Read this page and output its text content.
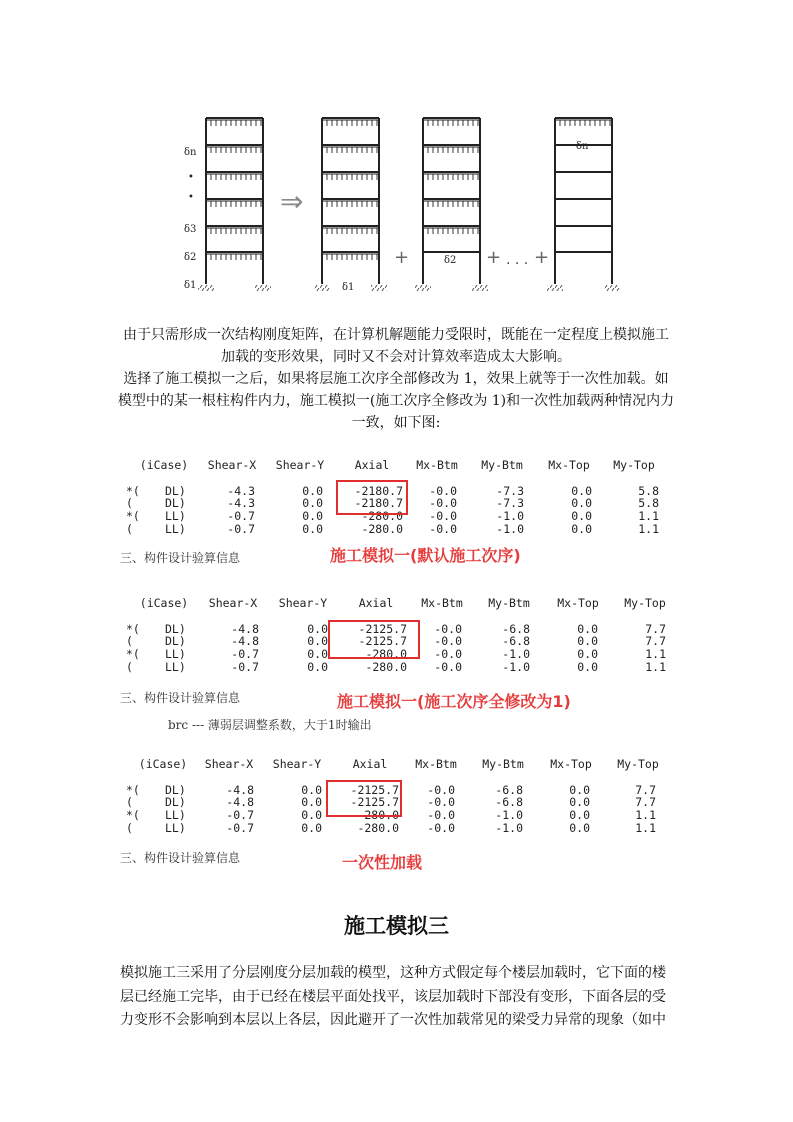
δn
•
•
δ3
δ2
δ1
⇒
δ1
+	δ2 + · · · +
δn
由于只需形成一次结构刚度矩阵，在计算机解题能力受限时，既能在一定程度上模拟施工
加载的变形效果，同时又不会对计算效率造成太大影响。
选择了施工模拟一之后，如果将层施工次序全部修改为 1，效果上就等于一次性加载。如
模型中的某一根柱构件内力，施工模拟一(施工次序全修改为 1)和一次性加载两种情况内力
一致，如下图:
(iCase) Shear-X Shear-Y	Axial Mx-Btm My-Btm Mx-Top My-Top
*( DL)	-4.3	0.0	-2180.7 -0.0	-7.3	0.0	5.8
(	DL)	-4.3	0.0	-2180.7 -0.0	-7.3	0.0	5.8
*( LL)	-0.7	0.0	-280.0 -0.0	-1.0	0.0	1.1
(	LL)	-0.7	0.0	-280.0 -0.0	-1.0	0.0	1.1
三、构件设计验算信息	施工模拟一(默认施工次序)
(iCase) Shear-X Shear-Y	Axial Mx-Btm My-Btm Mx-Top My-Top
*( DL)	-4.8	0.0	-2125.7 -0.0	-6.8	0.0	7.7
(	DL)	-4.8	0.0	-2125.7 -0.0	-6.8	0.0	7.7
*( LL)	-0.7	0.0	-280.0 -0.0	-1.0	0.0	1.1
(	LL)	-0.7	0.0	-280.0 -0.0	-1.0	0.0	1.1
三、构件设计验算信息	施工模拟一(施工次序全修改为1)
brc --- 薄弱层调整系数，大于1时输出
(iCase) Shear-X Shear-Y	Axial Mx-Btm My-Btm Mx-Top My-Top
*( DL)	-4.8	0.0 -2125.7 -0.0	-6.8	0.0	7.7
(	DL)	-4.8	0.0 -2125.7 -0.0	-6.8	0.0	7.7
*( LL)	-0.7	0.0	-280.0 -0.0	-1.0	0.0	1.1
(	LL)	-0.7	0.0	-280.0 -0.0	-1.0	0.0	1.1
三、构件设计验算信息	一次性加载
施工模拟三
模拟施工三采用了分层刚度分层加载的模型，这种方式假定每个楼层加载时，它下面的楼
层已经施工完毕，由于已经在楼层平面处找平，该层加载时下部没有变形，下面各层的受
力变形不会影响到本层以上各层，因此避开了一次性加载常见的梁受力异常的现象（如中
